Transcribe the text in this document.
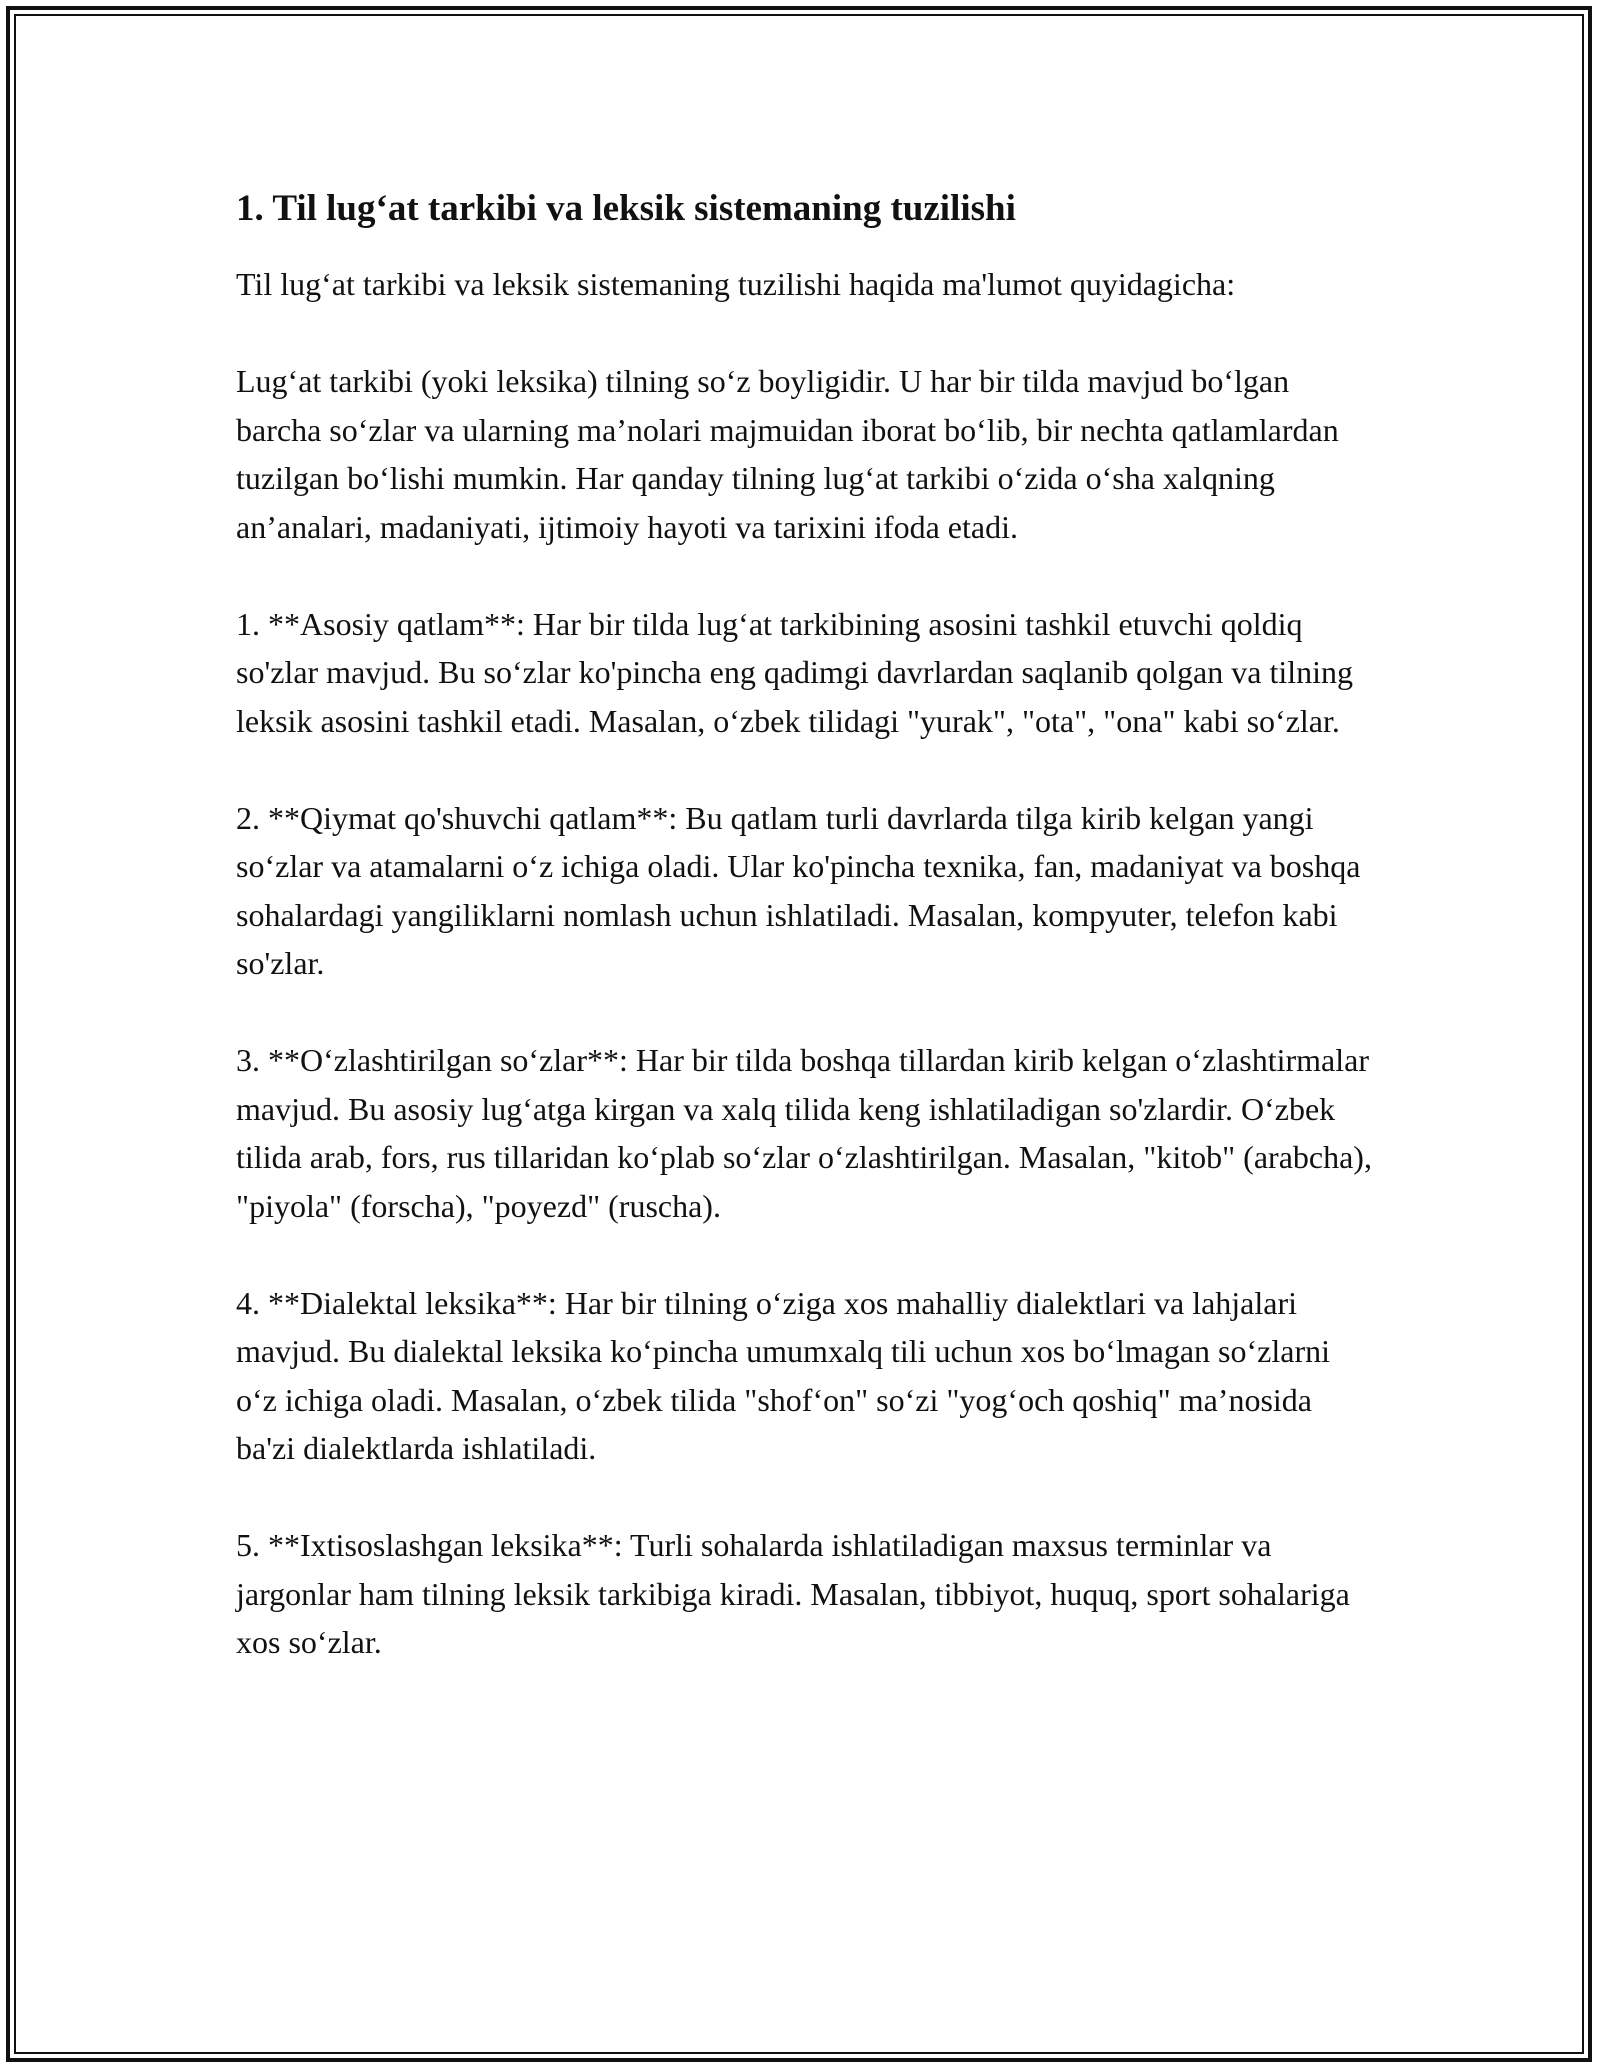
1. Til lug‘at tarkibi va leksik sistemaning tuzilishi

Til lug‘at tarkibi va leksik sistemaning tuzilishi haqida ma'lumot quyidagicha:

Lug‘at tarkibi (yoki leksika) tilning so‘z boyligidir. U har bir tilda mavjud bo‘lgan barcha so‘zlar va ularning ma’nolari majmuidan iborat bo‘lib, bir nechta qatlamlardan tuzilgan bo‘lishi mumkin. Har qanday tilning lug‘at tarkibi o‘zida o‘sha xalqning an’analari, madaniyati, ijtimoiy hayoti va tarixini ifoda etadi.

1. **Asosiy qatlam**: Har bir tilda lug‘at tarkibining asosini tashkil etuvchi qoldiq so'zlar mavjud. Bu so‘zlar ko'pincha eng qadimgi davrlardan saqlanib qolgan va tilning leksik asosini tashkil etadi. Masalan, o‘zbek tilidagi "yurak", "ota", "ona" kabi so‘zlar.

2. **Qiymat qo'shuvchi qatlam**: Bu qatlam turli davrlarda tilga kirib kelgan yangi so‘zlar va atamalarni o‘z ichiga oladi. Ular ko'pincha texnika, fan, madaniyat va boshqa sohalardagi yangiliklarni nomlash uchun ishlatiladi. Masalan, kompyuter, telefon kabi so'zlar.

3. **O‘zlashtirilgan so‘zlar**: Har bir tilda boshqa tillardan kirib kelgan o‘zlashtirmalar mavjud. Bu asosiy lug‘atga kirgan va xalq tilida keng ishlatiladigan so'zlardir. O‘zbek tilida arab, fors, rus tillaridan ko‘plab so‘zlar o‘zlashtirilgan. Masalan, "kitob" (arabcha), "piyola" (forscha), "poyezd" (ruscha).

4. **Dialektal leksika**: Har bir tilning o‘ziga xos mahalliy dialektlari va lahjalari mavjud. Bu dialektal leksika ko‘pincha umumxalq tili uchun xos bo‘lmagan so‘zlarni o‘z ichiga oladi. Masalan, o‘zbek tilida "shof‘on" so‘zi "yog‘och qoshiq" ma’nosida ba'zi dialektlarda ishlatiladi.

5. **Ixtisoslashgan leksika**: Turli sohalarda ishlatiladigan maxsus terminlar va jargonlar ham tilning leksik tarkibiga kiradi. Masalan, tibbiyot, huquq, sport sohalariga xos so‘zlar.
